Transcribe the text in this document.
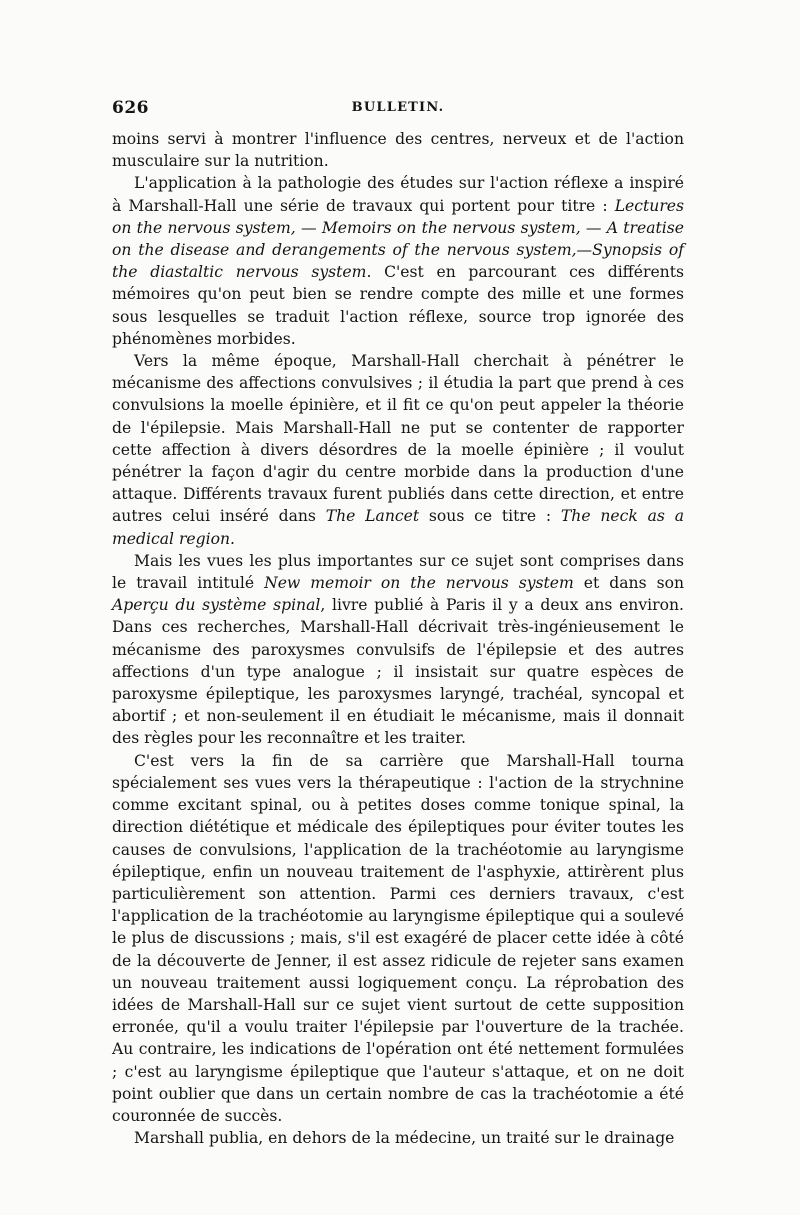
626	BULLETIN.

moins servi à montrer l'influence des centres, nerveux et de l'action musculaire sur la nutrition.

L'application à la pathologie des études sur l'action réflexe a inspiré à Marshall-Hall une série de travaux qui portent pour titre : Lectures on the nervous system, — Memoirs on the nervous system, — A treatise on the disease and derangements of the nervous system,—Synopsis of the diastaltic nervous system. C'est en parcourant ces différents mémoires qu'on peut bien se rendre compte des mille et une formes sous lesquelles se traduit l'action réflexe, source trop ignorée des phénomènes morbides.

Vers la même époque, Marshall-Hall cherchait à pénétrer le mécanisme des affections convulsives ; il étudia la part que prend à ces convulsions la moelle épinière, et il fit ce qu'on peut appeler la théorie de l'épilepsie. Mais Marshall-Hall ne put se contenter de rapporter cette affection à divers désordres de la moelle épinière ; il voulut pénétrer la façon d'agir du centre morbide dans la production d'une attaque. Différents travaux furent publiés dans cette direction, et entre autres celui inséré dans The Lancet sous ce titre : The neck as a medical region.

Mais les vues les plus importantes sur ce sujet sont comprises dans le travail intitulé New memoir on the nervous system et dans son Aperçu du système spinal, livre publié à Paris il y a deux ans environ. Dans ces recherches, Marshall-Hall décrivait très-ingénieusement le mécanisme des paroxysmes convulsifs de l'épilepsie et des autres affections d'un type analogue ; il insistait sur quatre espèces de paroxysme épileptique, les paroxysmes laryngé, trachéal, syncopal et abortif ; et non-seulement il en étudiait le mécanisme, mais il donnait des règles pour les reconnaître et les traiter.

C'est vers la fin de sa carrière que Marshall-Hall tourna spécialement ses vues vers la thérapeutique : l'action de la strychnine comme excitant spinal, ou à petites doses comme tonique spinal, la direction diététique et médicale des épileptiques pour éviter toutes les causes de convulsions, l'application de la trachéotomie au laryngisme épileptique, enfin un nouveau traitement de l'asphyxie, attirèrent plus particulièrement son attention. Parmi ces derniers travaux, c'est l'application de la trachéotomie au laryngisme épileptique qui a soulevé le plus de discussions ; mais, s'il est exagéré de placer cette idée à côté de la découverte de Jenner, il est assez ridicule de rejeter sans examen un nouveau traitement aussi logiquement conçu. La réprobation des idées de Marshall-Hall sur ce sujet vient surtout de cette supposition erronée, qu'il a voulu traiter l'épilepsie par l'ouverture de la trachée. Au contraire, les indications de l'opération ont été nettement formulées ; c'est au laryngisme épileptique que l'auteur s'attaque, et on ne doit point oublier que dans un certain nombre de cas la trachéotomie a été couronnée de succès.

Marshall publia, en dehors de la médecine, un traité sur le drainage
